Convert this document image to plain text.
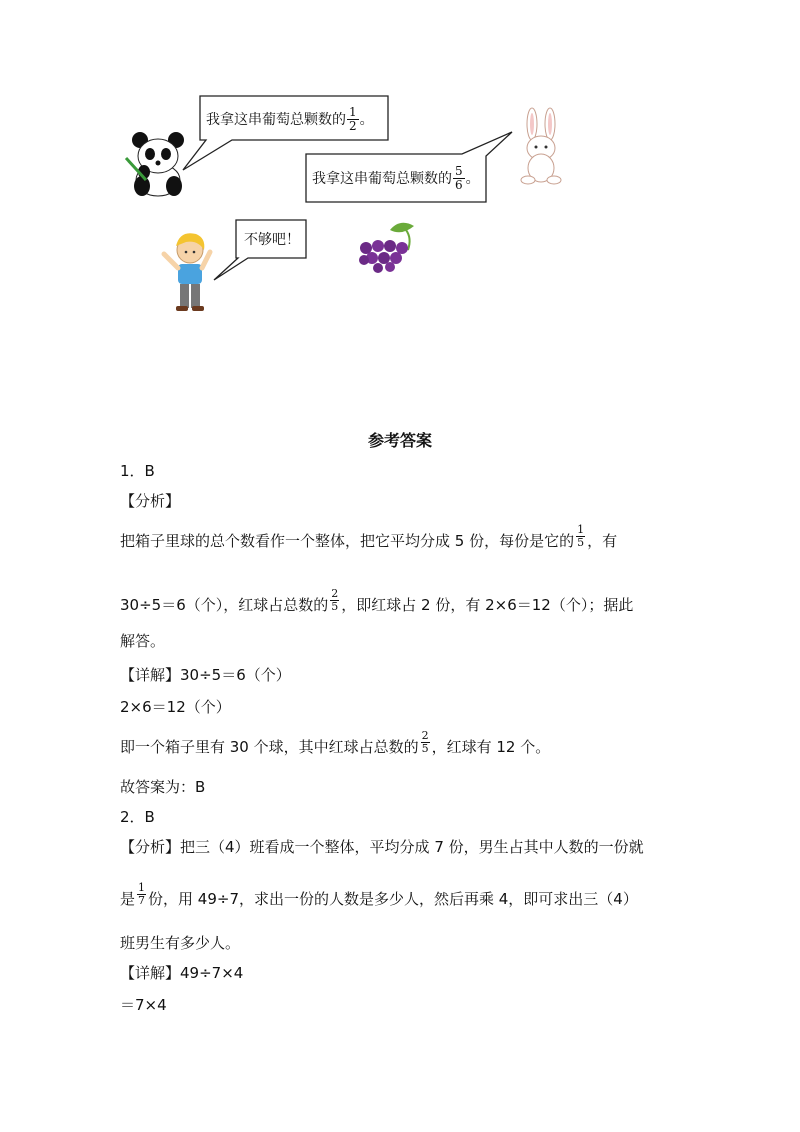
我拿这串葡萄总颗数的 $\frac{1}{2}$ 。
我拿这串葡萄总颗数的 $\frac{5}{6}$ 。
不够吧！
参考答案
1．B
【分析】
把箱子里球的总个数看作一个整体，把它平均分成 5 份，每份是它的 $\frac{1}{5}$ ，有
30÷5＝6（个），红球占总数的 $\frac{2}{5}$ ，即红球占 2 份，有 2×6＝12（个）；据此
解答。
【详解】30÷5＝6（个）
2×6＝12（个）
即一个箱子里有 30 个球，其中红球占总数的 $\frac{2}{5}$ ，红球有 12 个。
故答案为：B
2．B
【分析】把三（4）班看成一个整体，平均分成 7 份，男生占其中人数的一份就
是 $\frac{1}{7}$ 份，用 49÷7，求出一份的人数是多少人，然后再乘 4，即可求出三（4）
班男生有多少人。
【详解】49÷7×4
＝7×4
